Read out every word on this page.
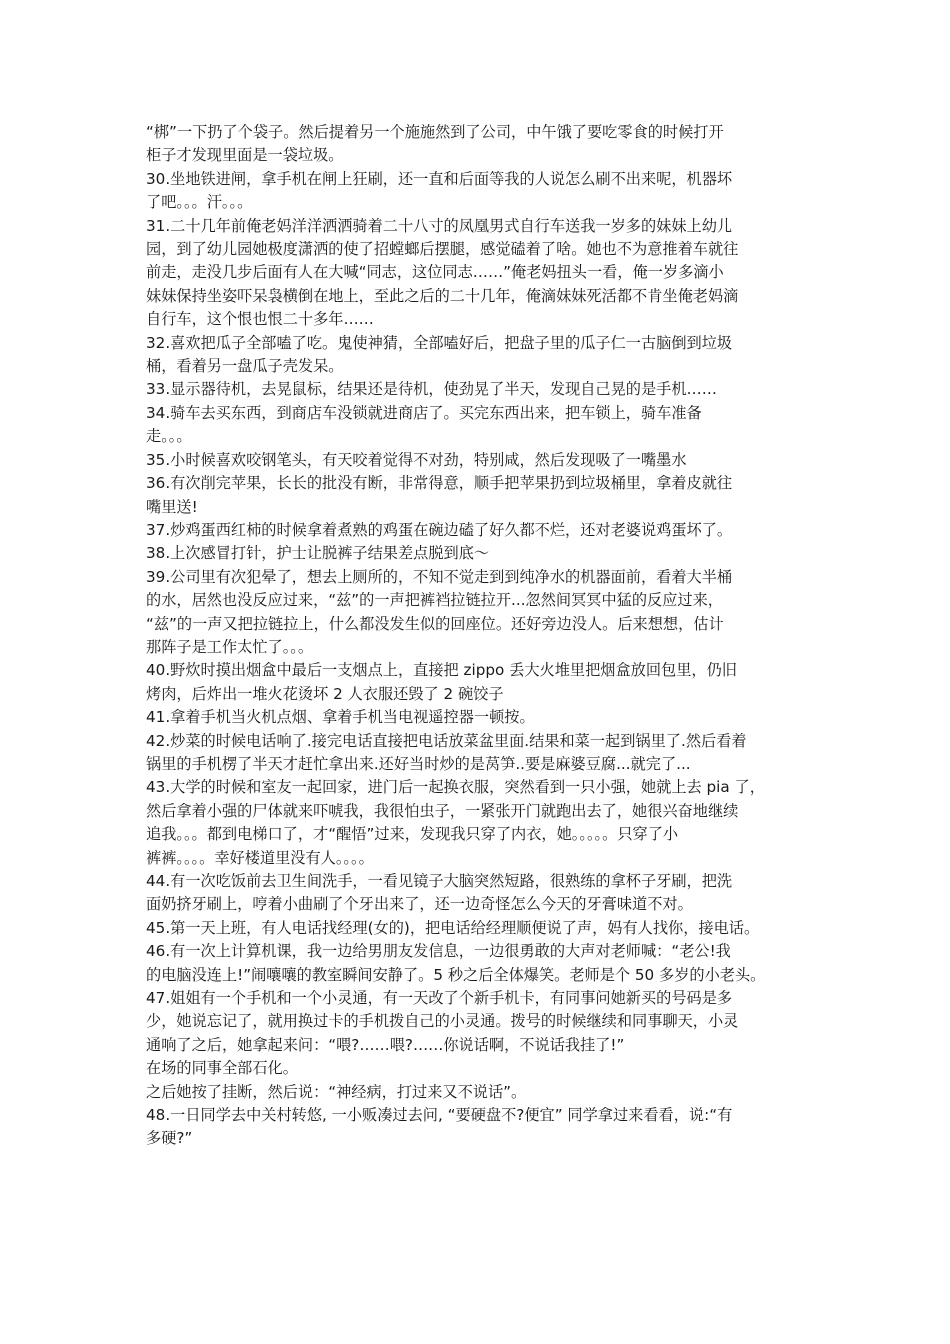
“梆”一下扔了个袋子。然后提着另一个施施然到了公司，中午饿了要吃零食的时候打开
柜子才发现里面是一袋垃圾。
30.坐地铁进闸，拿手机在闸上狂刷，还一直和后面等我的人说怎么刷不出来呢，机器坏
了吧。。。汗。。。
31.二十几年前俺老妈洋洋洒洒骑着二十八寸的凤凰男式自行车送我一岁多的妹妹上幼儿
园，到了幼儿园她极度潇洒的使了招螳螂后摆腿，感觉磕着了啥。她也不为意推着车就往
前走，走没几步后面有人在大喊“同志，这位同志……”俺老妈扭头一看，俺一岁多滴小
妹妹保持坐姿吓呆袅横倒在地上，至此之后的二十几年，俺滴妹妹死活都不肯坐俺老妈滴
自行车，这个恨也恨二十多年……
32.喜欢把瓜子全部嗑了吃。鬼使神猜，全部嗑好后，把盘子里的瓜子仁一古脑倒到垃圾
桶，看着另一盘瓜子壳发呆。
33.显示器待机，去晃鼠标，结果还是待机，使劲晃了半天，发现自己晃的是手机……
34.骑车去买东西，到商店车没锁就进商店了。买完东西出来，把车锁上，骑车准备
走。。。
35.小时候喜欢咬钢笔头，有天咬着觉得不对劲，特别咸，然后发现吸了一嘴墨水
36.有次削完苹果，长长的批没有断，非常得意，顺手把苹果扔到垃圾桶里，拿着皮就往
嘴里送!
37.炒鸡蛋西红柿的时候拿着煮熟的鸡蛋在碗边磕了好久都不烂，还对老婆说鸡蛋坏了。
38.上次感冒打针，护士让脱裤子结果差点脱到底～
39.公司里有次犯晕了，想去上厕所的，不知不觉走到到纯净水的机器面前，看着大半桶
的水，居然也没反应过来，“兹”的一声把裤裆拉链拉开...忽然间冥冥中猛的反应过来，
“兹”的一声又把拉链拉上，什么都没发生似的回座位。还好旁边没人。后来想想，估计
那阵子是工作太忙了。。。
40.野炊时摸出烟盒中最后一支烟点上，直接把 zippo 丢大火堆里把烟盒放回包里，仍旧
烤肉，后炸出一堆火花烫坏 2 人衣服还毁了 2 碗饺子
41.拿着手机当火机点烟、拿着手机当电视遥控器一顿按。
42.炒菜的时候电话响了.接完电话直接把电话放菜盆里面.结果和菜一起到锅里了.然后看着
锅里的手机楞了半天才赶忙拿出来.还好当时炒的是莴笋..要是麻婆豆腐...就完了...
43.大学的时候和室友一起回家，进门后一起换衣服，突然看到一只小强，她就上去 pia 了，
然后拿着小强的尸体就来吓唬我，我很怕虫子，一紧张开门就跑出去了，她很兴奋地继续
追我。。。都到电梯口了，才“醒悟”过来，发现我只穿了内衣，她。。。。。只穿了小
裤裤。。。。幸好楼道里没有人。。。。
44.有一次吃饭前去卫生间洗手，一看见镜子大脑突然短路，很熟练的拿杯子牙刷，把洗
面奶挤牙刷上，哼着小曲刷了个牙出来了，还一边奇怪怎么今天的牙膏味道不对。
45.第一天上班，有人电话找经理(女的)，把电话给经理顺便说了声，妈有人找你，接电话。
46.有一次上计算机课，我一边给男朋友发信息，一边很勇敢的大声对老师喊：“老公!我
的电脑没连上!”闹嚷嚷的教室瞬间安静了。5 秒之后全体爆笑。老师是个 50 多岁的小老头。
47.姐姐有一个手机和一个小灵通，有一天改了个新手机卡，有同事问她新买的号码是多
少，她说忘记了，就用换过卡的手机拨自己的小灵通。拨号的时候继续和同事聊天，小灵
通响了之后，她拿起来问：“喂?……喂?……你说话啊，不说话我挂了!”
在场的同事全部石化。
之后她按了挂断，然后说：“神经病，打过来又不说话”。
48.一日同学去中关村转悠, 一小贩凑过去问, “要硬盘不?便宜” 同学拿过来看看，说:“有
多硬?”
